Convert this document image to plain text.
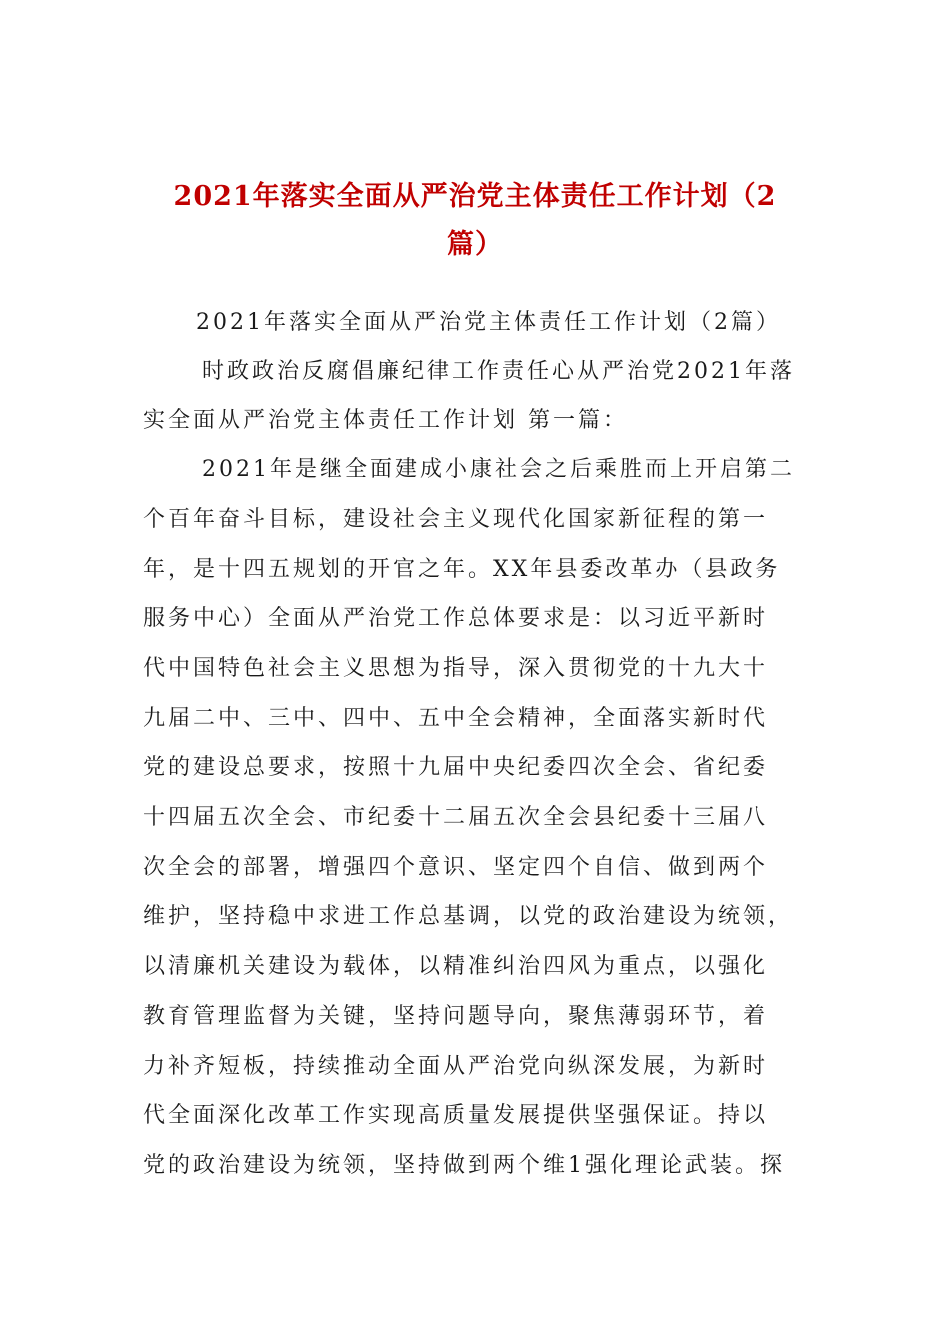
2021年落实全面从严治党主体责任工作计划（2
篇）

2021年落实全面从严治党主体责任工作计划（2篇）

时政政治反腐倡廉纪律工作责任心从严治党2021年落

实全面从严治党主体责任工作计划 第一篇：

2021年是继全面建成小康社会之后乘胜而上开启第二

个百年奋斗目标，建设社会主义现代化国家新征程的第一

年，是十四五规划的开官之年。XX年县委改革办（县政务

服务中心）全面从严治党工作总体要求是：以习近平新时

代中国特色社会主义思想为指导，深入贯彻党的十九大十

九届二中、三中、四中、五中全会精神，全面落实新时代

党的建设总要求，按照十九届中央纪委四次全会、省纪委

十四届五次全会、市纪委十二届五次全会县纪委十三届八

次全会的部署，增强四个意识、坚定四个自信、做到两个

维护，坚持稳中求进工作总基调，以党的政治建设为统领，

以清廉机关建设为载体，以精准纠治四风为重点，以强化

教育管理监督为关键，坚持问题导向，聚焦薄弱环节，着

力补齐短板，持续推动全面从严治党向纵深发展，为新时

代全面深化改革工作实现高质量发展提供坚强保证。持以

党的政治建设为统领，坚持做到两个维1强化理论武装。探
